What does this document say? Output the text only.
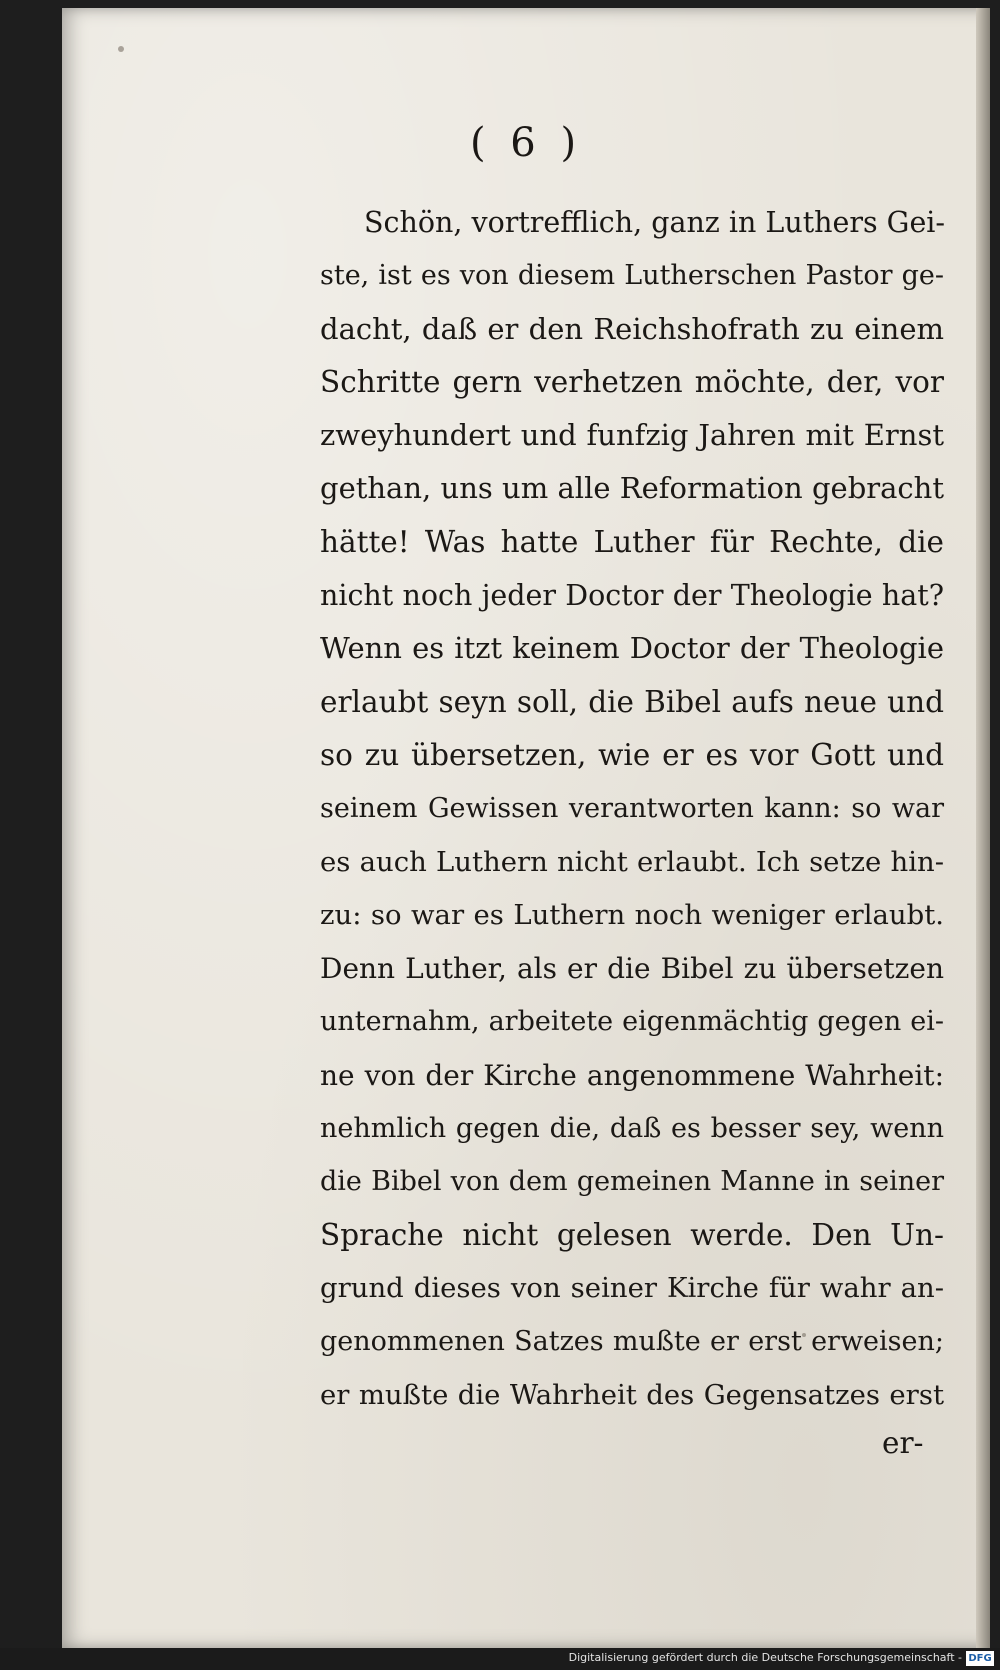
( 6 )
Schön, vortrefflich, ganz in Luthers Gei-
ste, ist es von diesem Lutherschen Pastor ge-
dacht, daß er den Reichshofrath zu einem
Schritte gern verhetzen möchte, der, vor
zweyhundert und funfzig Jahren mit Ernst
gethan, uns um alle Reformation gebracht
hätte! Was hatte Luther für Rechte, die
nicht noch jeder Doctor der Theologie hat?
Wenn es itzt keinem Doctor der Theologie
erlaubt seyn soll, die Bibel aufs neue und
so zu übersetzen, wie er es vor Gott und
seinem Gewissen verantworten kann: so war
es auch Luthern nicht erlaubt. Ich setze hin-
zu: so war es Luthern noch weniger erlaubt.
Denn Luther, als er die Bibel zu übersetzen
unternahm, arbeitete eigenmächtig gegen ei-
ne von der Kirche angenommene Wahrheit:
nehmlich gegen die, daß es besser sey, wenn
die Bibel von dem gemeinen Manne in seiner
Sprache nicht gelesen werde. Den Un-
grund dieses von seiner Kirche für wahr an-
genommenen Satzes mußte er erst erweisen;
er mußte die Wahrheit des Gegensatzes erst
er-
Digitalisierung gefördert durch die Deutsche Forschungsgemeinschaft - DFG
